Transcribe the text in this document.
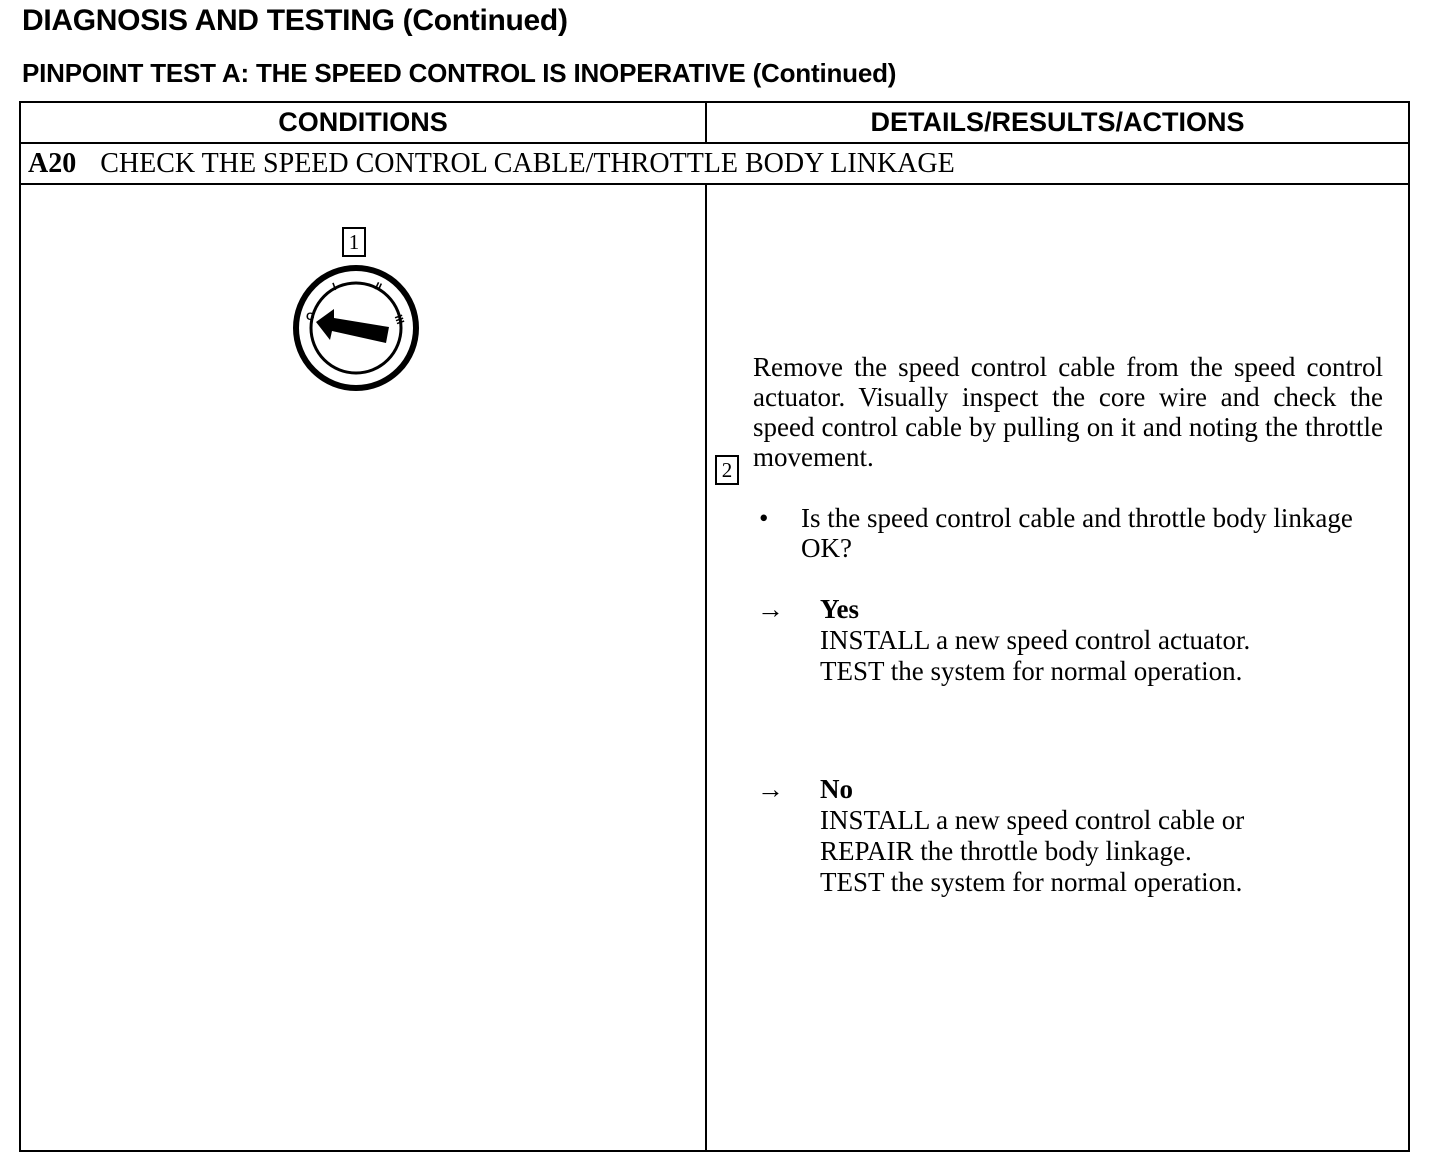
DIAGNOSIS AND TESTING (Continued)
PINPOINT TEST A: THE SPEED CONTROL IS INOPERATIVE (Continued)
CONDITIONS	DETAILS/RESULTS/ACTIONS
A20 CHECK THE SPEED CONTROL CABLE/THROTTLE BODY LINKAGE
1
O
I	II
III
2
Remove the speed control cable from the speed control actuator. Visually inspect the core wire and check the speed control cable by pulling on it and noting the throttle movement.
• Is the speed control cable and throttle body linkage OK?
→ Yes
INSTALL a new speed control actuator.
TEST the system for normal operation.
→ No
INSTALL a new speed control cable or
REPAIR the throttle body linkage.
TEST the system for normal operation.
